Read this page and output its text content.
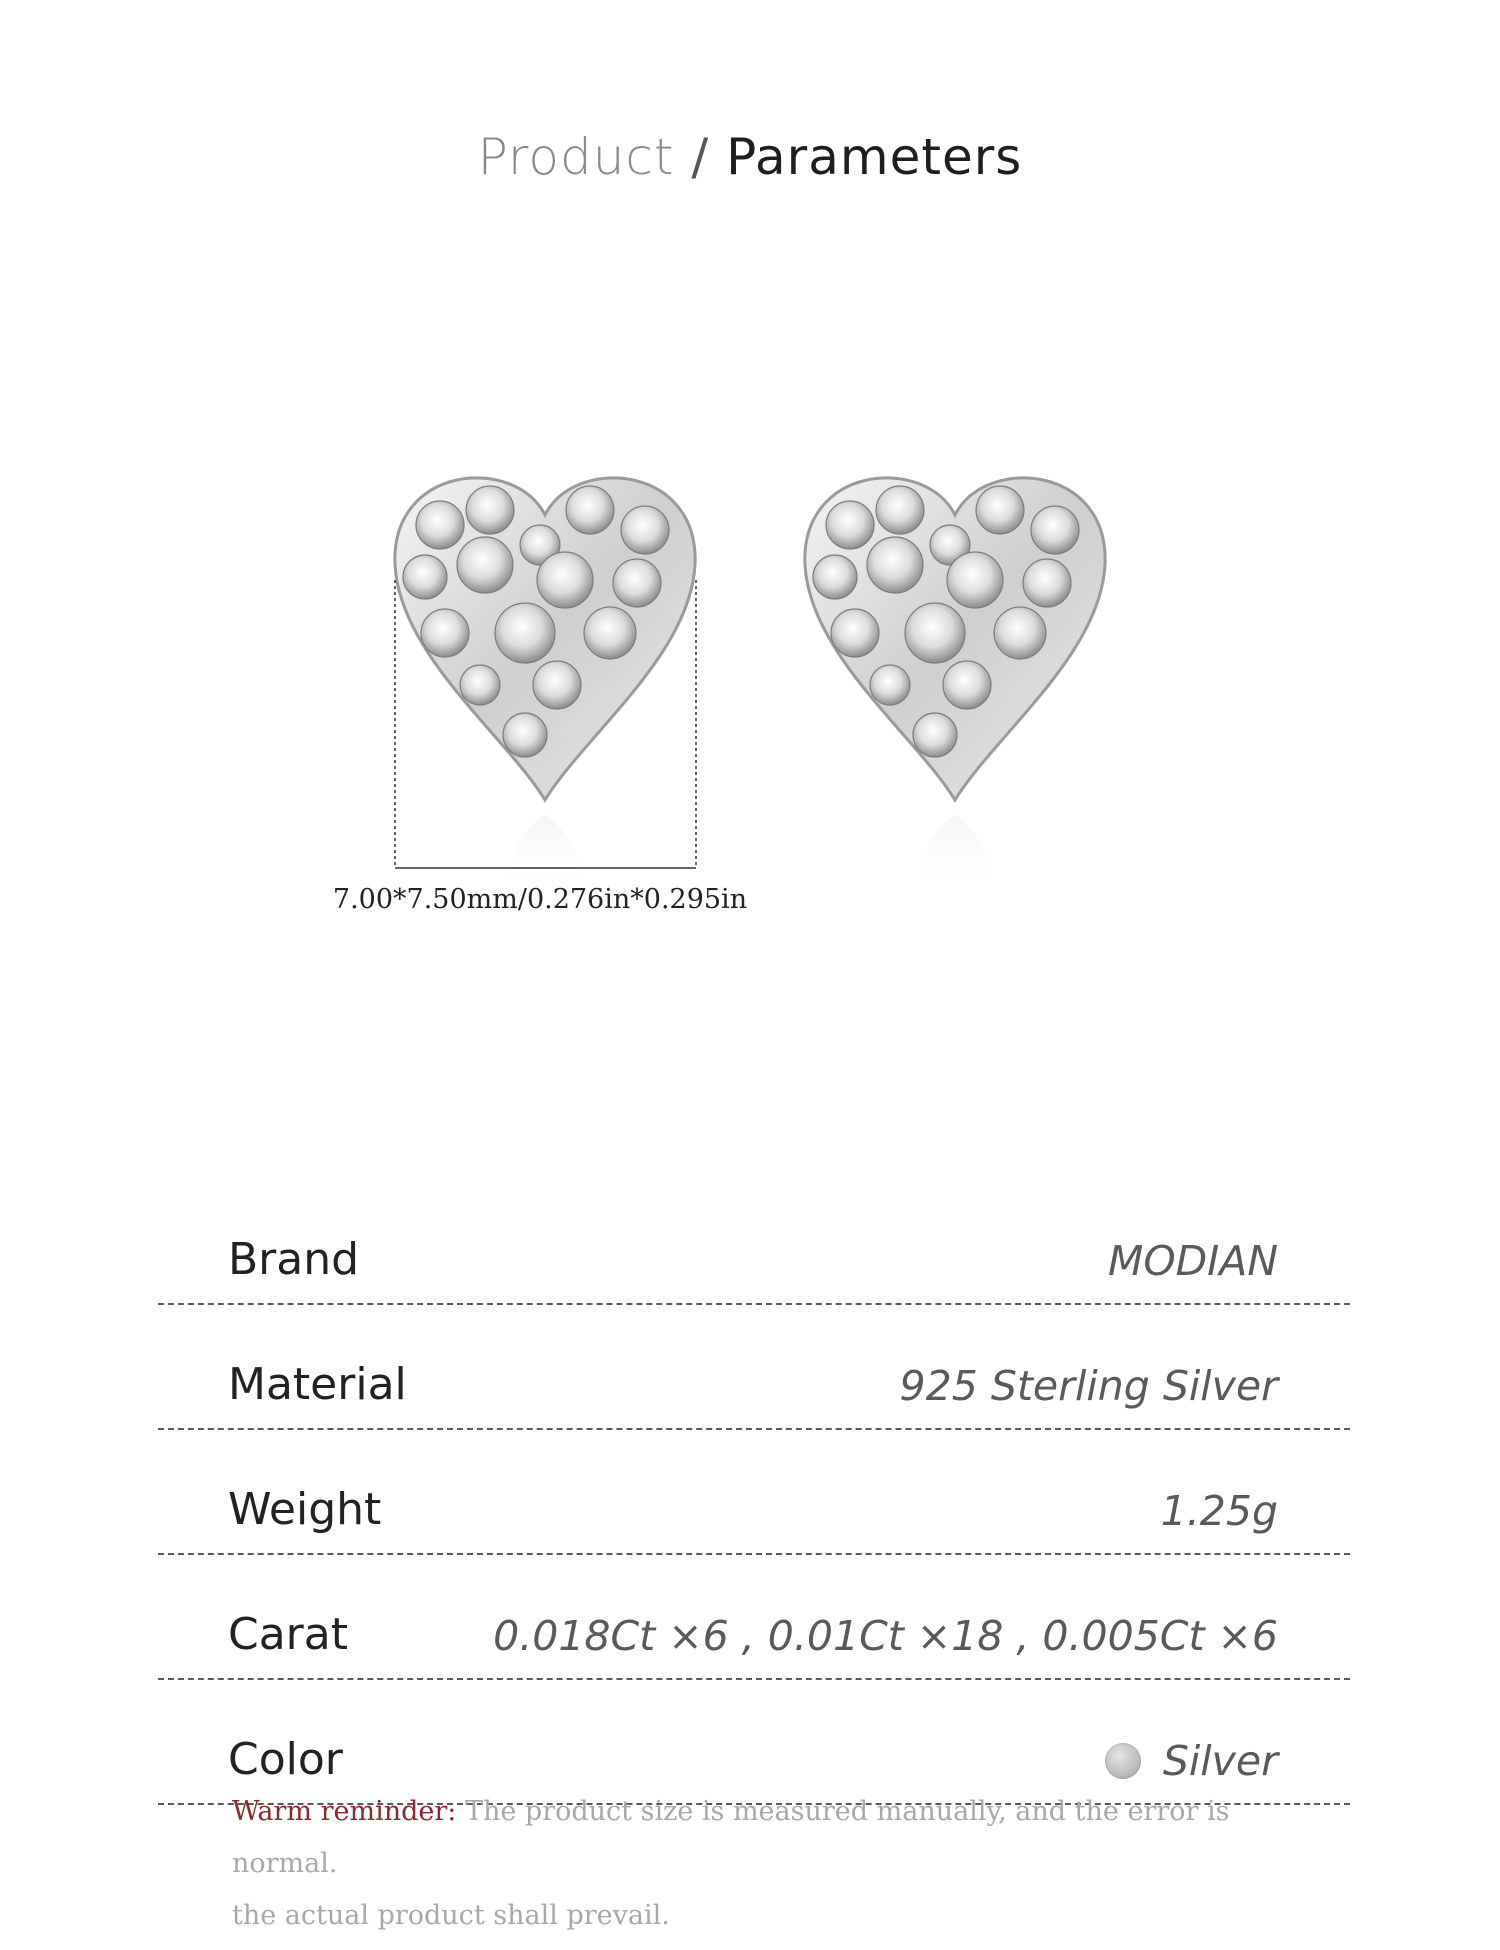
Product / Parameters
7.00*7.50mm/0.276in*0.295in
Brand	MODIAN
Material	925 Sterling Silver
Weight	1.25g
Carat	0.018Ct ×6 , 0.01Ct ×18 , 0.005Ct ×6
Color	Silver
Warm reminder: The product size is measured manually, and the error is normal.
the actual product shall prevail.
